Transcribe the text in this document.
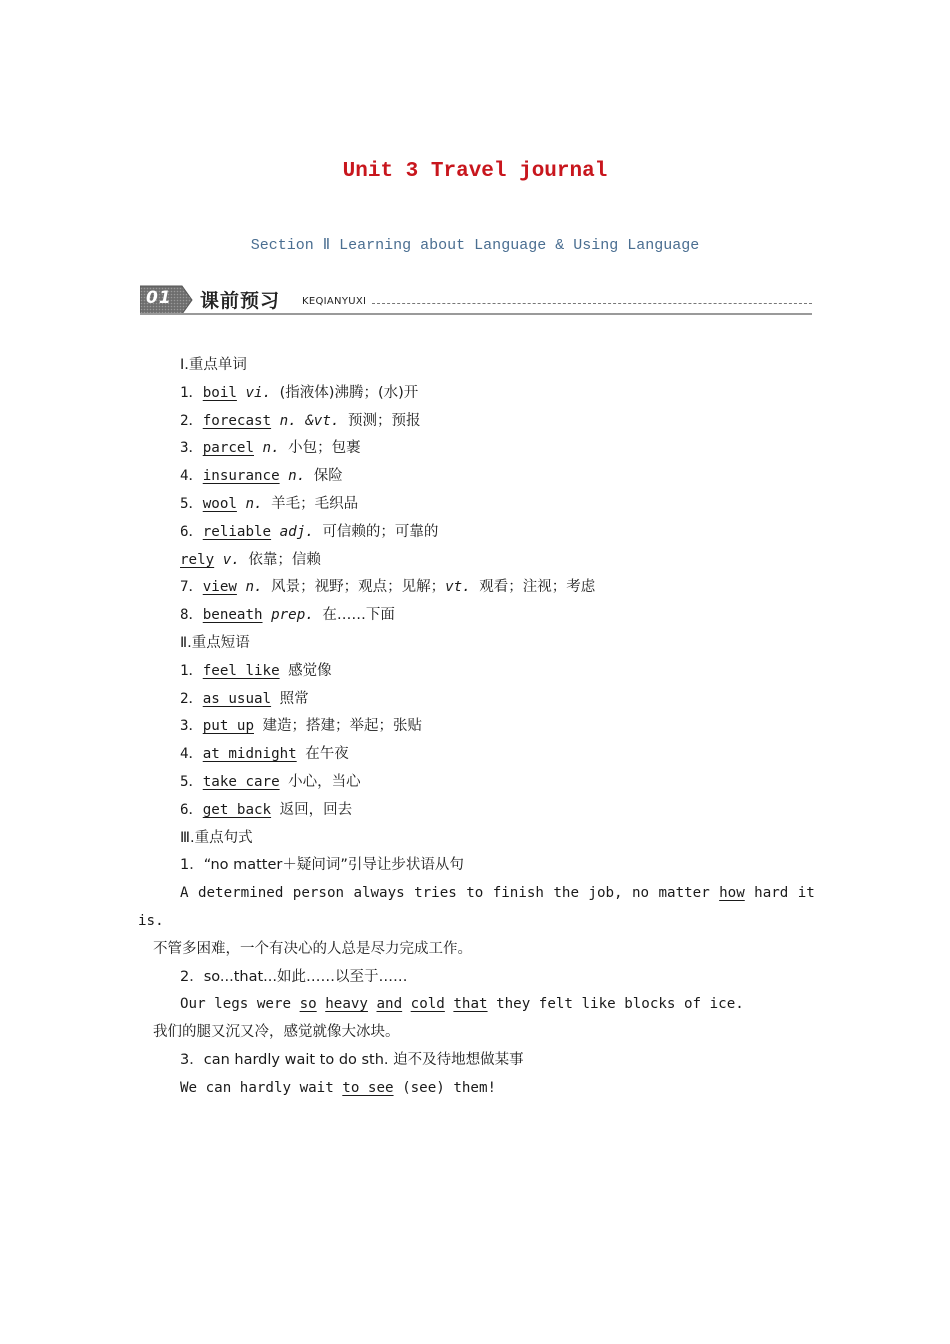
Unit 3 Travel journal

Section Ⅱ Learning about Language & Using Language

01 课前预习 KEQIANYUXI
Ⅰ.重点单词
1．boil vi. (指液体)沸腾；(水)开
2．forecast n. &vt. 预测；预报
3．parcel n. 小包；包裹
4．insurance n. 保险
5．wool n. 羊毛；毛织品
6．reliable adj. 可信赖的；可靠的
rely v. 依靠；信赖
7．view n. 风景；视野；观点；见解；vt. 观看；注视；考虑
8．beneath prep. 在……下面
Ⅱ.重点短语
1．feel like 感觉像
2．as usual 照常
3．put up 建造；搭建；举起；张贴
4．at midnight 在午夜
5．take care 小心，当心
6．get back 返回，回去
Ⅲ.重点句式
1．“no matter＋疑问词”引导让步状语从句
A determined person always tries to finish the job, no matter how hard it
is.
不管多困难，一个有决心的人总是尽力完成工作。
2．so...that...如此……以至于……
Our legs were so heavy and cold that they felt like blocks of ice.
我们的腿又沉又冷，感觉就像大冰块。
3．can hardly wait to do sth. 迫不及待地想做某事
We can hardly wait to see (see) them!
